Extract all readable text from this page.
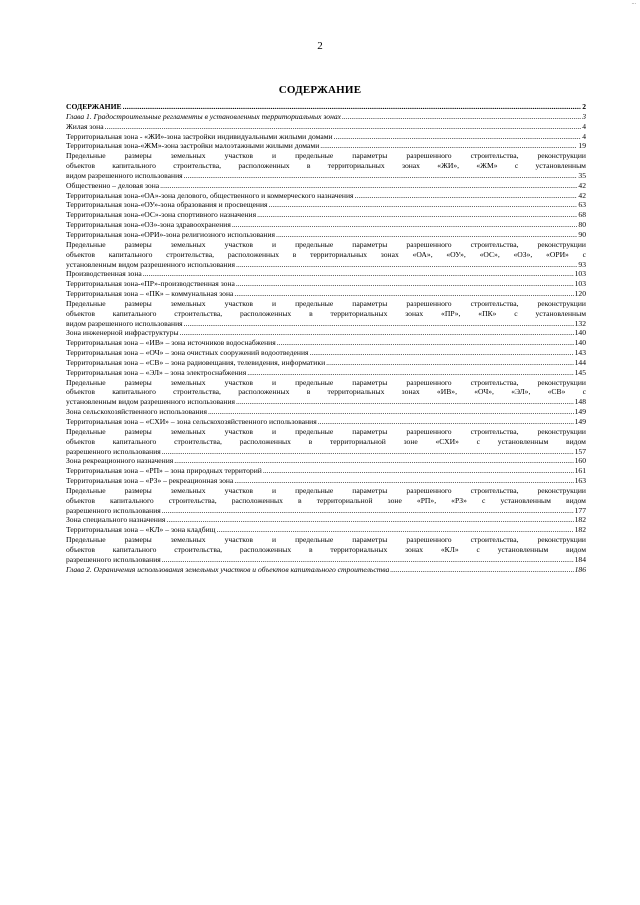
...
2
СОДЕРЖАНИЕ
СОДЕРЖАНИЕ .....	2
Глава 1. Градостроительные регламенты в установленных территориальных зонах .....	3
Жилая зона .....	4
Территориальная зона - «ЖИ»-зона застройки индивидуальными жилыми домами .....	4
Территориальная зона-«ЖМ»-зона застройки малоэтажными жилыми домами .....	19
Предельные размеры земельных участков и предельные параметры разрешенного строительства, реконструкции
объектов капитального строительства, расположенных в территориальных зонах «ЖИ», «ЖМ» с установленным
видом разрешенного использования .....	35
Общественно – деловая зона .....	42
Территориальная зона-«ОА»-зона делового, общественного и коммерческого назначения .....	42
Территориальная зона-«ОУ»-зона образования и просвещения .....	63
Территориальная зона-«ОС»-зона спортивного назначения .....	68
Территориальная зона-«ОЗ»-зона здравоохранения .....	80
Территориальная зона-«ОРИ»-зона религиозного использования .....	90
Предельные размеры земельных участков и предельные параметры разрешенного строительства, реконструкции
объектов капитального строительства, расположенных в территориальных зонах «ОА», «ОУ», «ОС», «ОЗ», «ОРИ» с
установленным видом разрешенного использования .....	93
Производственная зона .....	103
Территориальная зона-«ПР»-производственная зона .....	103
Территориальная зона – «ПК» – коммунальная зона .....	120
Предельные размеры земельных участков и предельные параметры разрешенного строительства, реконструкции
объектов капитального строительства, расположенных в территориальных зонах «ПР», «ПК» с установленным
видом разрешенного использования .....	132
Зона инженерной инфраструктуры .....	140
Территориальная зона – «ИВ» – зона источников водоснабжения .....	140
Территориальная зона – «ОЧ» – зона очистных сооружений водоотведения .....	143
Территориальная зона – «СВ» – зона радиовещания, телевидения, информатики .....	144
Территориальная зона – «ЭЛ» – зона электроснабжения .....	145
Предельные размеры земельных участков и предельные параметры разрешенного строительства, реконструкции
объектов капитального строительства, расположенных в территориальных зонах «ИВ», «ОЧ», «ЭЛ», «СВ» с
установленным видом разрешенного использования .....	148
Зона сельскохозяйственного использования .....	149
Территориальная зона – «СХИ» – зона сельскохозяйственного использования .....	149
Предельные размеры земельных участков и предельные параметры разрешенного строительства, реконструкции
объектов капитального строительства, расположенных в территориальной зоне «СХИ» с установленным видом
разрешенного использования .....	157
Зона рекреационного назначения .....	160
Территориальная зона – «РП» – зона природных территорий .....	161
Территориальная зона – «РЗ» – рекреационная зона .....	163
Предельные размеры земельных участков и предельные параметры разрешенного строительства, реконструкции
объектов капитального строительства, расположенных в территориальной зоне «РП», «РЗ» с установленным видом
разрешенного использования .....	177
Зона специального назначения .....	182
Территориальная зона – «КЛ» – зона кладбищ .....	182
Предельные размеры земельных участков и предельные параметры разрешенного строительства, реконструкции
объектов капитального строительства, расположенных в территориальных зонах «КЛ» с установленным видом
разрешенного использования .....	184
Глава 2. Ограничения использования земельных участков и объектов капитального строительства .....	186
